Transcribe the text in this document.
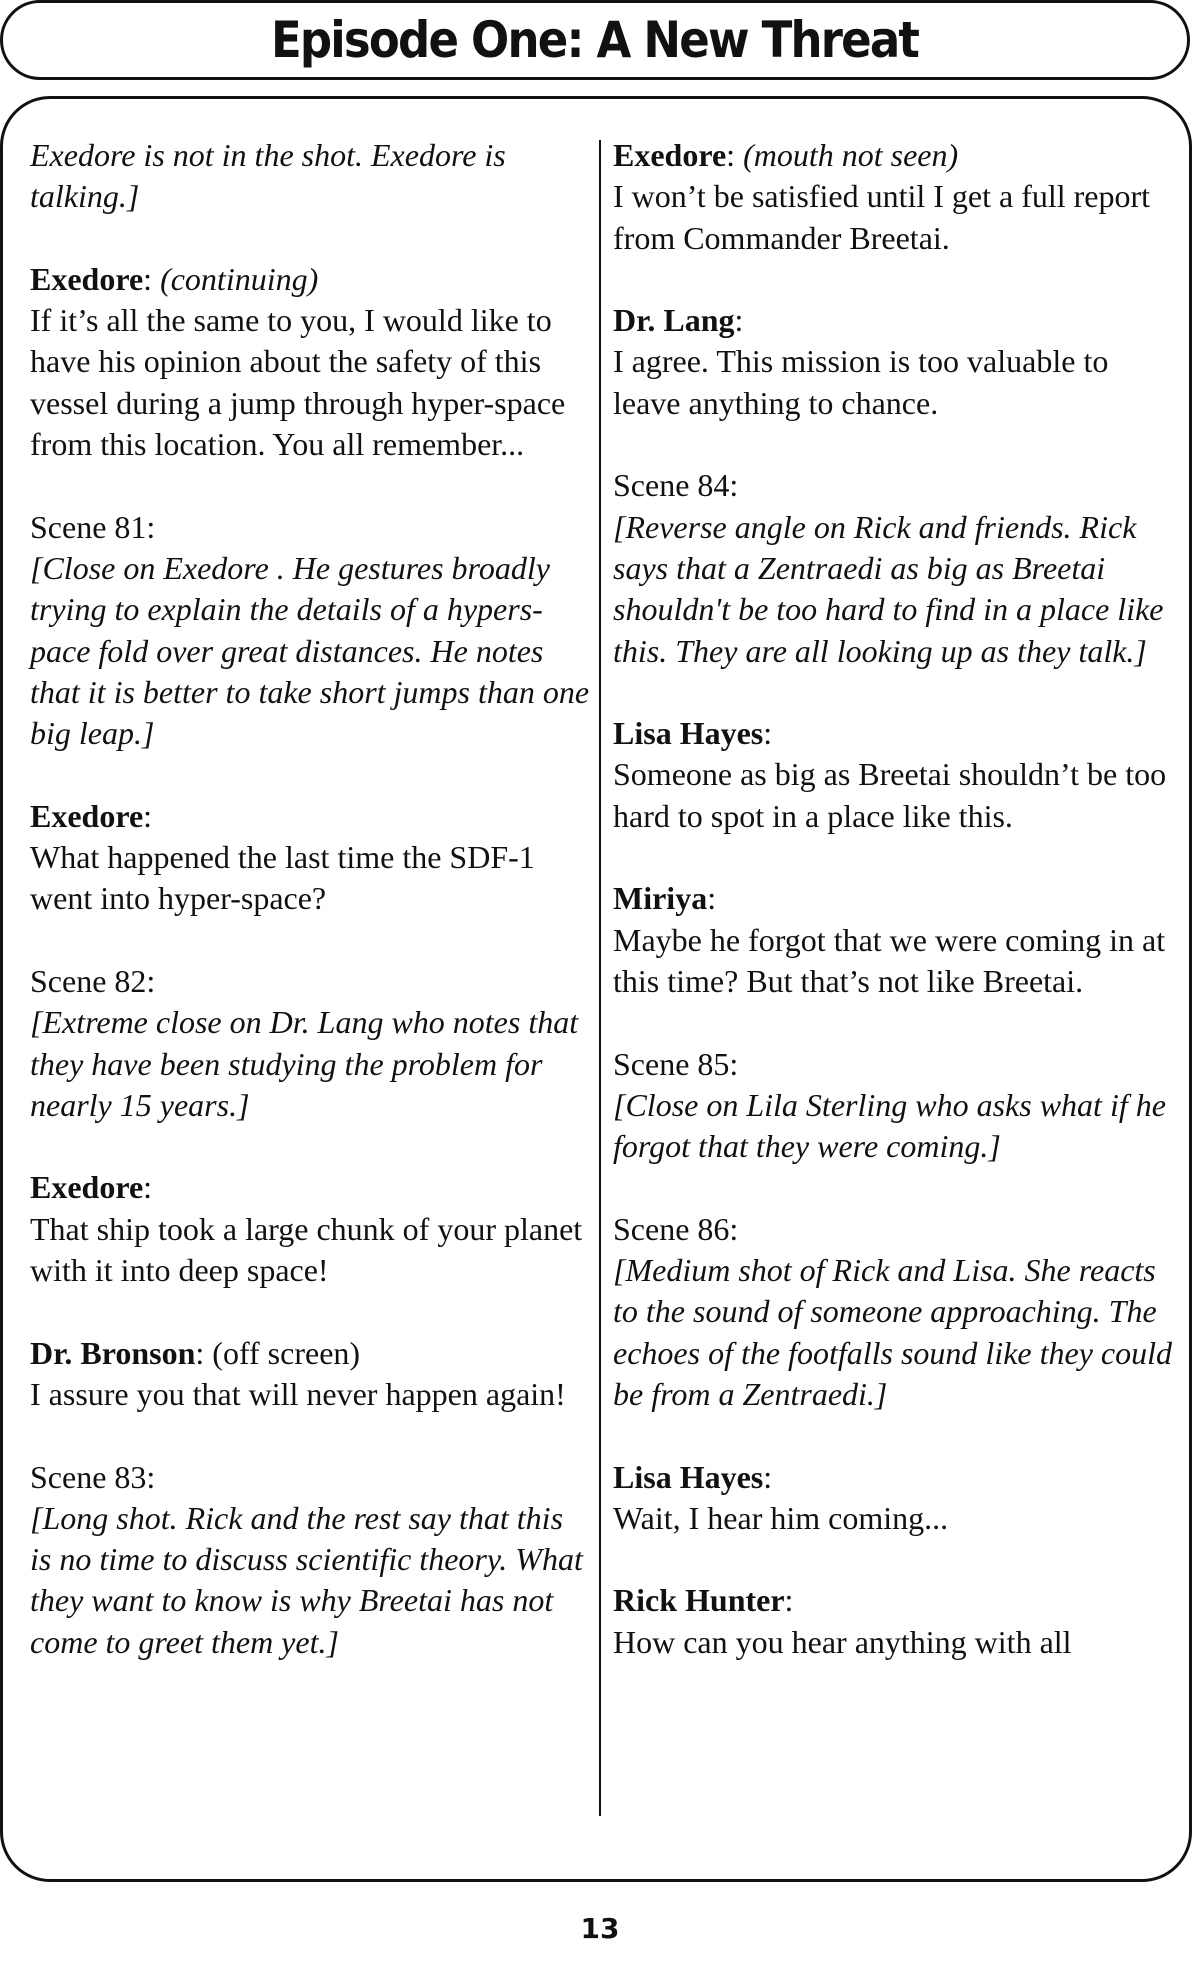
Episode One: A New Threat
Exedore is not in the shot. Exedore is talking.]
Exedore: (continuing)
If it’s all the same to you, I would like to have his opinion about the safety of this vessel during a jump through hyper-space from this location. You all remember...
Scene 81:
[Close on Exedore . He gestures broadly trying to explain the details of a hypers-pace fold over great distances. He notes that it is better to take short jumps than one big leap.]
Exedore:
What happened the last time the SDF-1 went into hyper-space?
Scene 82:
[Extreme close on Dr. Lang who notes that they have been studying the problem for nearly 15 years.]
Exedore:
That ship took a large chunk of your planet with it into deep space!
Dr. Bronson: (off screen)
I assure you that will never happen again!
Scene 83:
[Long shot. Rick and the rest say that this is no time to discuss scientific theory. What they want to know is why Breetai has not come to greet them yet.]
Exedore: (mouth not seen)
I won’t be satisfied until I get a full report from Commander Breetai.
Dr. Lang:
I agree. This mission is too valuable to leave anything to chance.
Scene 84:
[Reverse angle on Rick and friends. Rick says that a Zentraedi as big as Breetai shouldn't be too hard to find in a place like this. They are all looking up as they talk.]
Lisa Hayes:
Someone as big as Breetai shouldn’t be too hard to spot in a place like this.
Miriya:
Maybe he forgot that we were coming in at this time? But that’s not like Breetai.
Scene 85:
[Close on Lila Sterling who asks what if he forgot that they were coming.]
Scene 86:
[Medium shot of Rick and Lisa. She reacts to the sound of someone approaching. The echoes of the footfalls sound like they could be from a Zentraedi.]
Lisa Hayes:
Wait, I hear him coming...
Rick Hunter:
How can you hear anything with all
13
